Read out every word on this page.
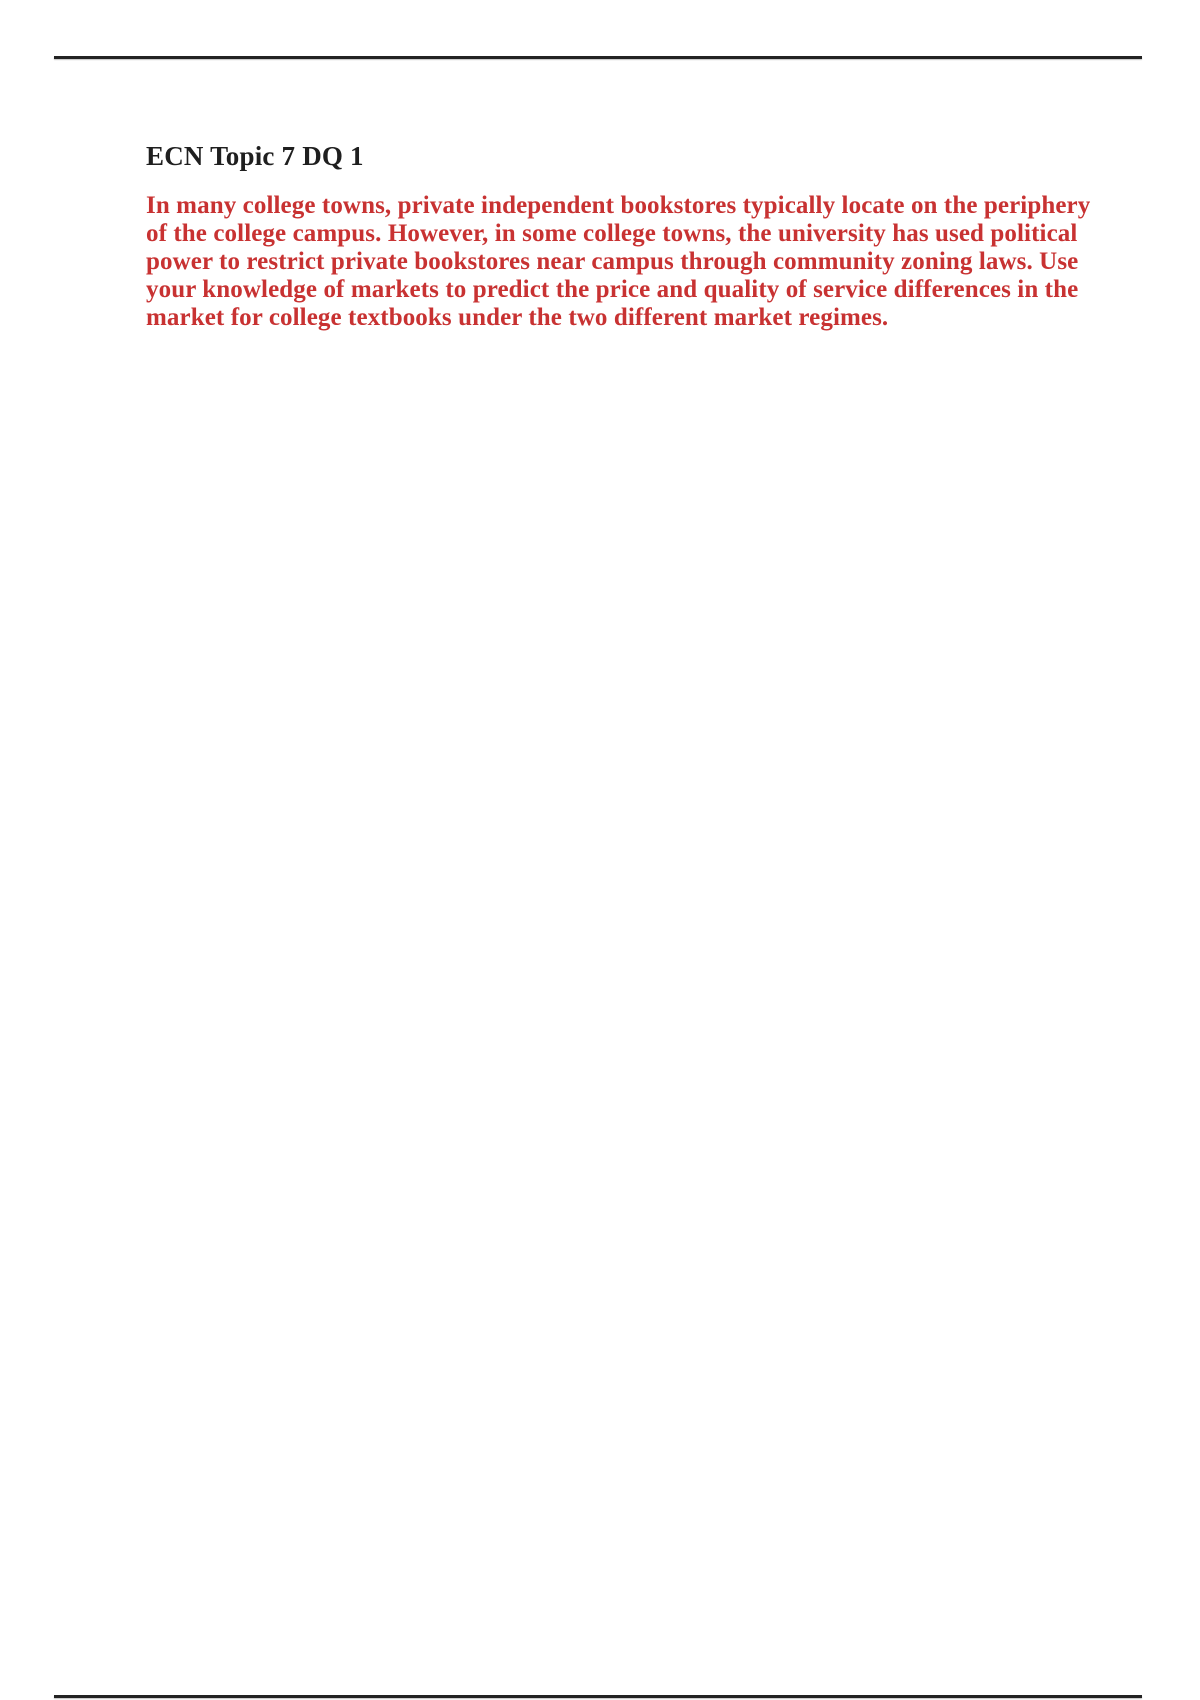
ECN Topic 7 DQ 1
In many college towns, private independent bookstores typically locate on the periphery
of the college campus. However, in some college towns, the university has used political
power to restrict private bookstores near campus through community zoning laws. Use
your knowledge of markets to predict the price and quality of service differences in the
market for college textbooks under the two different market regimes.
